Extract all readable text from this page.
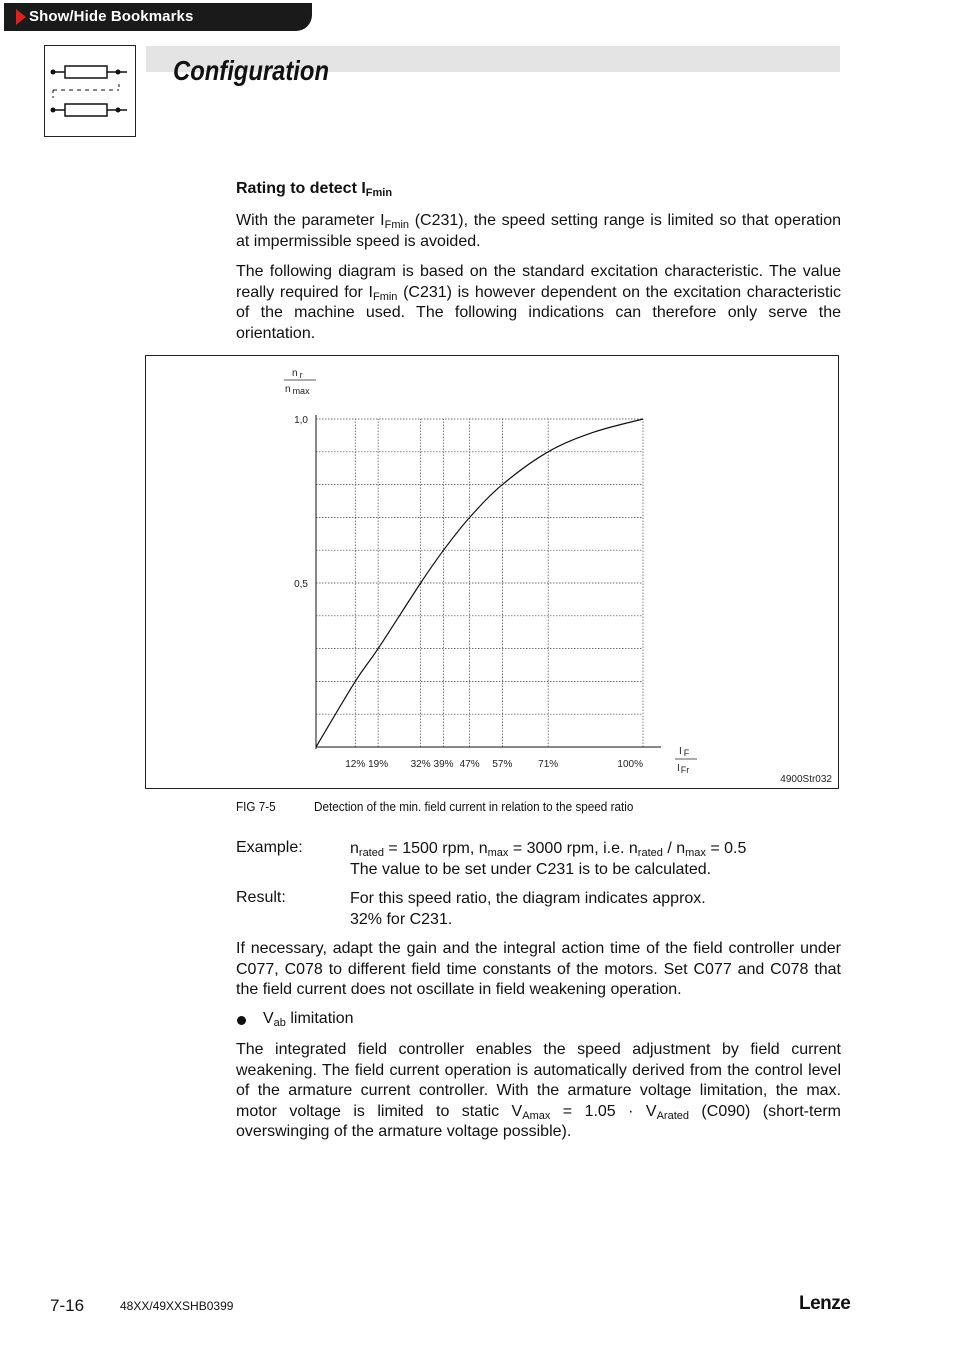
Show/Hide Bookmarks
Configuration
Rating to detect $I_{Fmin}$
With the parameter $I_{Fmin}$ (C231), the speed setting range is limited so that operation at impermissible speed is avoided.
The following diagram is based on the standard excitation characteristic. The value really required for $I_{Fmin}$ (C231) is however dependent on the excitation characteristic of the machine used. The following indications can therefore only serve the orientation.
n r
n max
I F
IFr
4900Str032
0,5
1,0
12% 19% 32% 39% 47% 57%	71%	100%
FIG 7-5	Detection of the min. field current in relation to the speed ratio
Example:	$n_{rated} = 1500$ rpm, $n_{max} = 3000$ rpm, i.e. $n_{rated} / n_{max} = 0.5$
The value to be set under C231 is to be calculated.
Result:	For this speed ratio, the diagram indicates approx.
32% for C231.
If necessary, adapt the gain and the integral action time of the field controller under C077, C078 to different field time constants of the motors. Set C077 and C078 that the field current does not oscillate in field weakening operation.
$V_{ab}$ limitation
The integrated field controller enables the speed adjustment by field current weakening. The field current operation is automatically derived from the control level of the armature current controller. With the armature voltage limitation, the max. motor voltage is limited to static $V_{Amax} = 1.05 \cdot V_{Arated}$ (C090) (short-term overswinging of the armature voltage possible).
7-16	48XX/49XXSHB0399	Lenze
